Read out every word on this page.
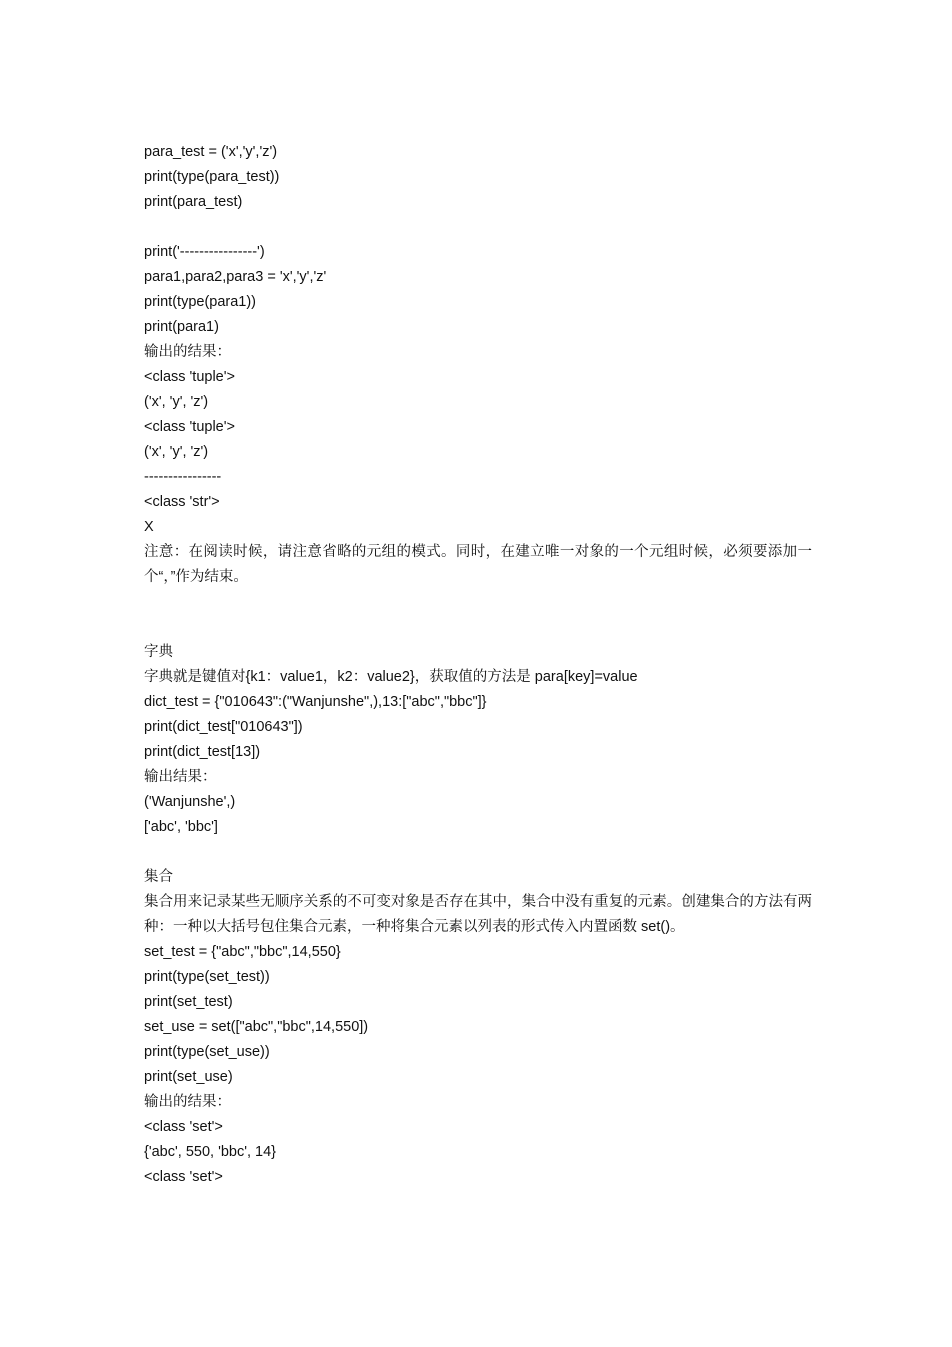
para_test = ('x','y','z')
print(type(para_test))
print(para_test)
print('----------------')
para1,para2,para3 = 'x','y','z'
print(type(para1))
print(para1)
输出的结果：
<class 'tuple'>
('x', 'y', 'z')
<class 'tuple'>
('x', 'y', 'z')
----------------
<class 'str'>
X
注意：在阅读时候，请注意省略的元组的模式。同时，在建立唯一对象的一个元组时候，必须要添加一个“，”作为结束。
字典
字典就是键值对{k1：value1，k2：value2}，获取值的方法是 para[key]=value
dict_test = {"010643":("Wanjunshe",),13:["abc","bbc"]}
print(dict_test["010643"])
print(dict_test[13])
输出结果：
('Wanjunshe',)
['abc', 'bbc']
集合
集合用来记录某些无顺序关系的不可变对象是否存在其中，集合中没有重复的元素。创建集合的方法有两种：一种以大括号包住集合元素，一种将集合元素以列表的形式传入内置函数 set()。
set_test = {"abc","bbc",14,550}
print(type(set_test))
print(set_test)
set_use = set(["abc","bbc",14,550])
print(type(set_use))
print(set_use)
输出的结果：
<class 'set'>
{'abc', 550, 'bbc', 14}
<class 'set'>
